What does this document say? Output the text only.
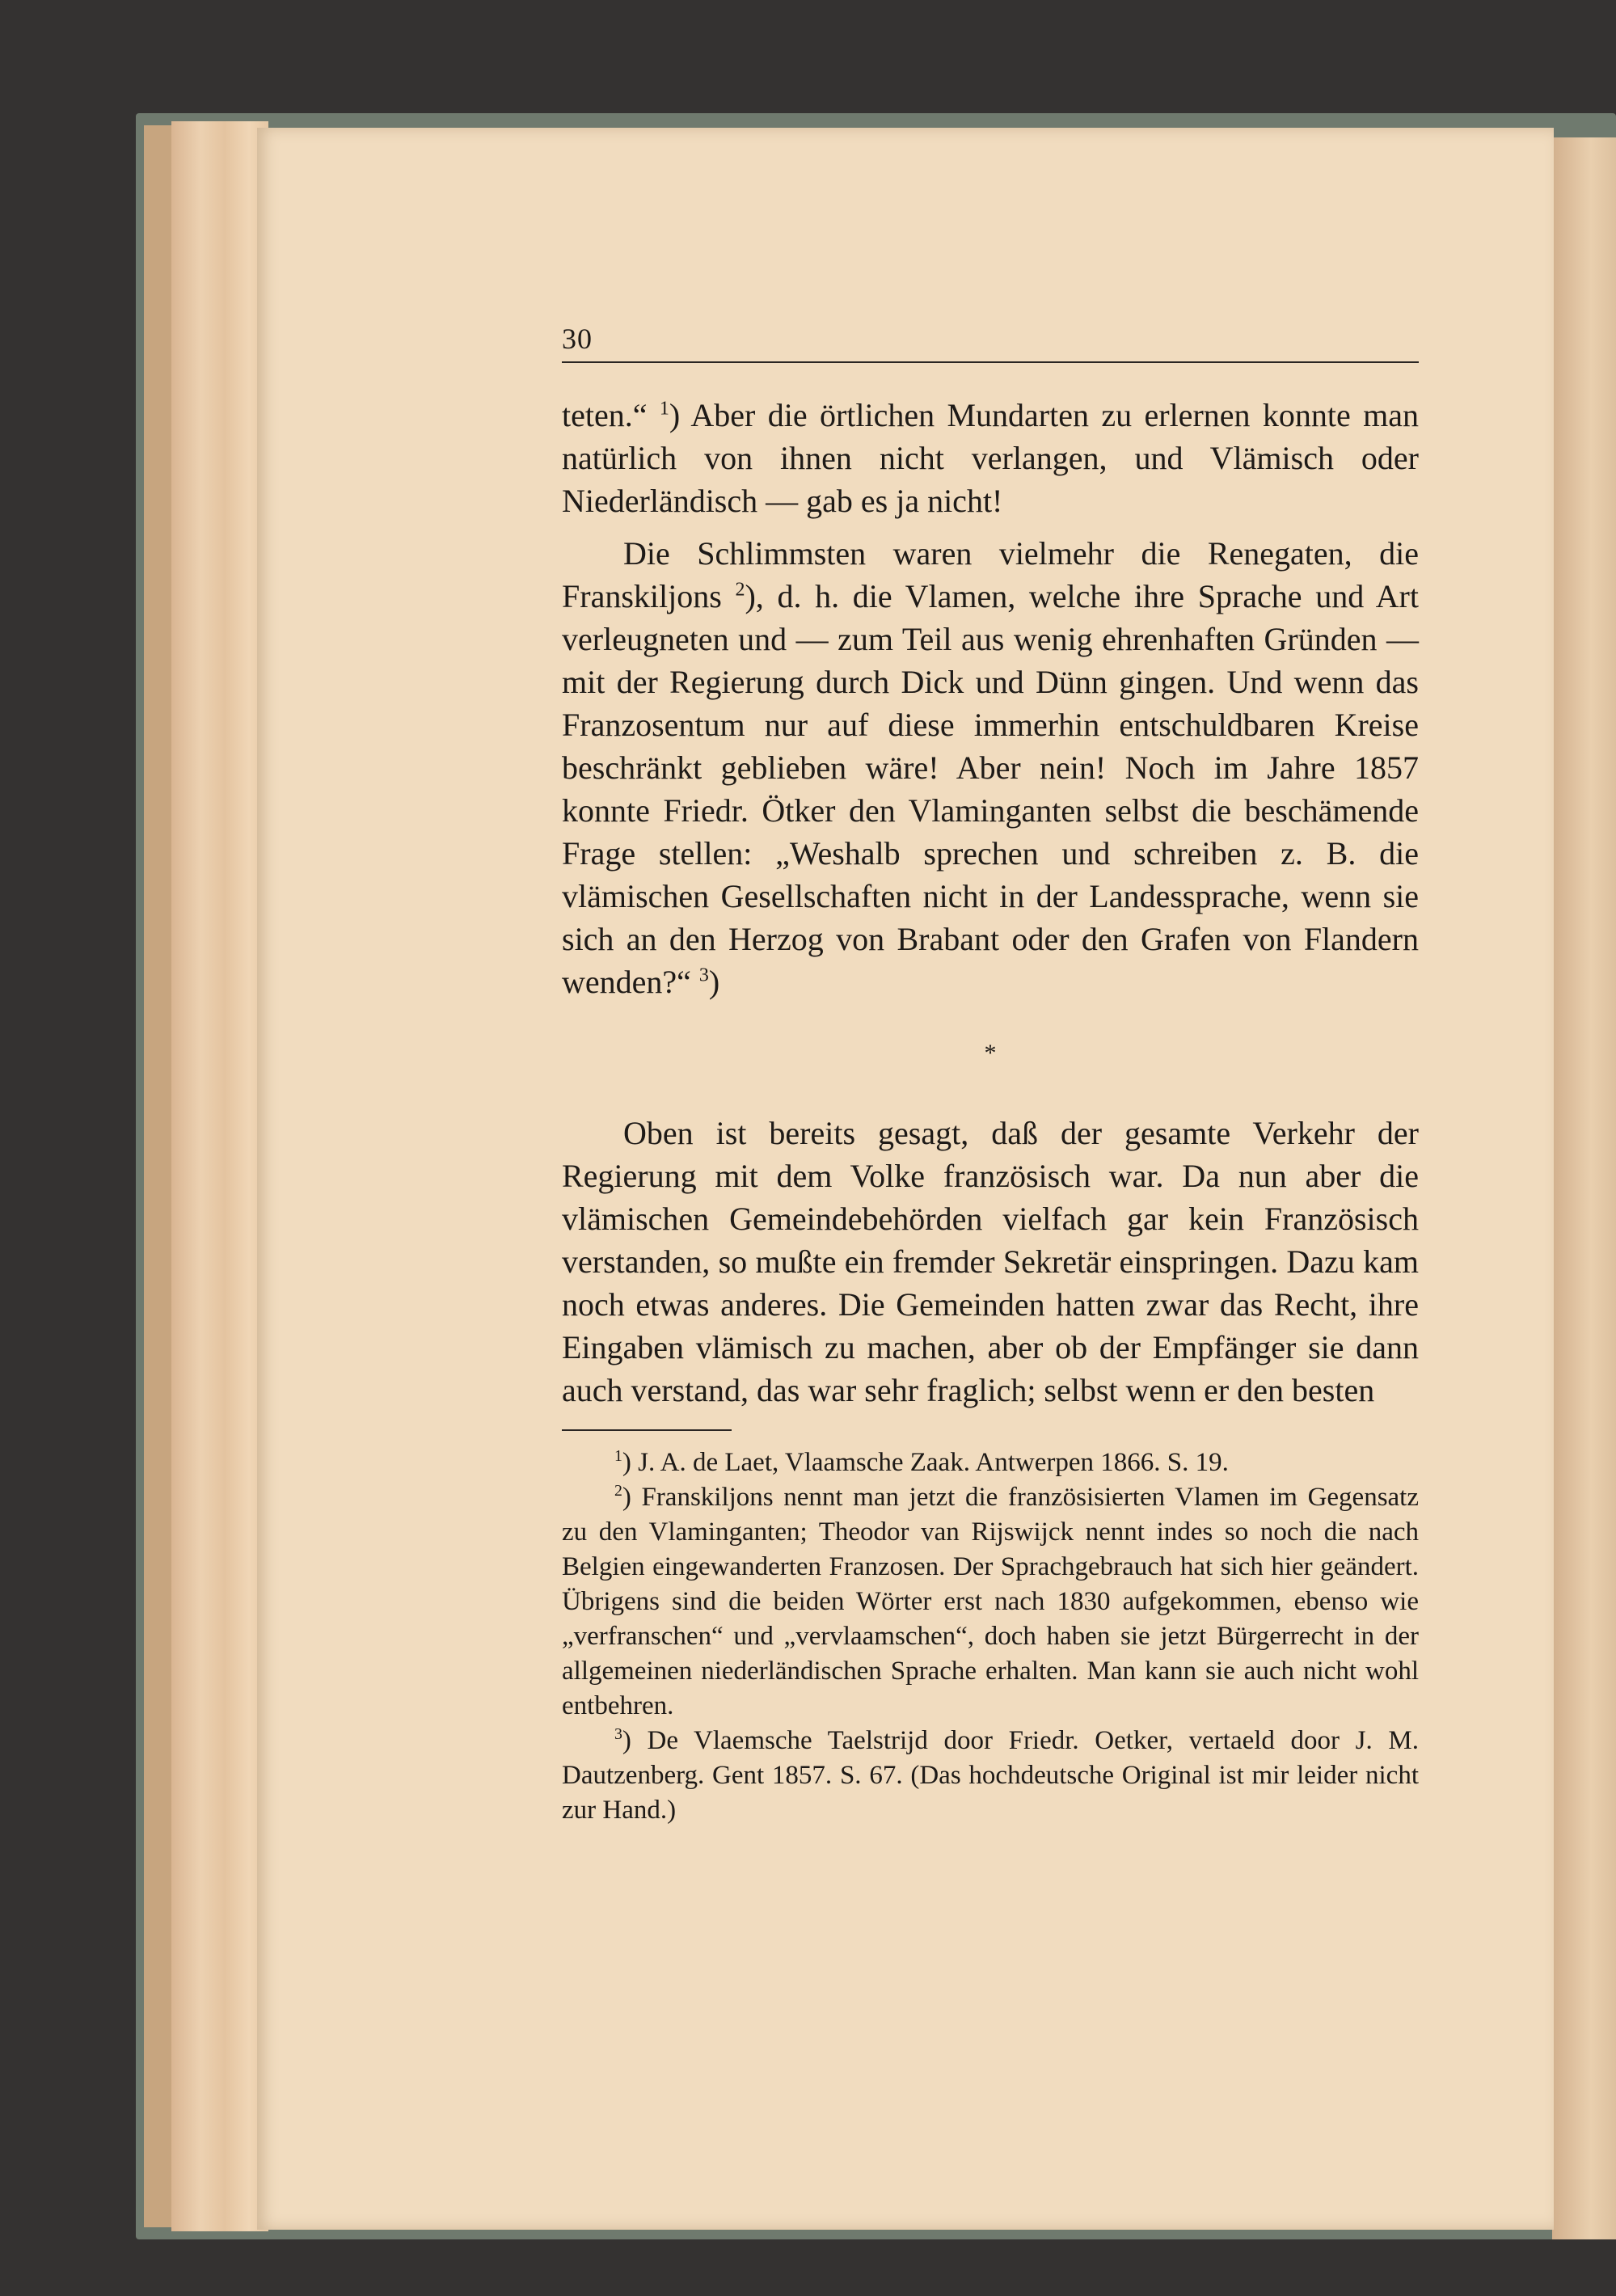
30

teten.“ $^1$) Aber die örtlichen Mundarten zu erlernen konnte man natürlich von ihnen nicht verlangen, und Vlämisch oder Niederländisch — gab es ja nicht!

Die Schlimmsten waren vielmehr die Renegaten, die Franskiljons $^2$), d. h. die Vlamen, welche ihre Sprache und Art verleugneten und — zum Teil aus wenig ehrenhaften Gründen — mit der Regierung durch Dick und Dünn gingen. Und wenn das Franzosentum nur auf diese immerhin entschuldbaren Kreise beschränkt geblieben wäre! Aber nein! Noch im Jahre 1857 konnte Friedr. Ötker den Vlaminganten selbst die beschämende Frage stellen: „Weshalb sprechen und schreiben z. B. die vlämischen Gesellschaften nicht in der Landessprache, wenn sie sich an den Herzog von Brabant oder den Grafen von Flandern wenden?“ $^3$)

*

Oben ist bereits gesagt, daß der gesamte Verkehr der Regierung mit dem Volke französisch war. Da nun aber die vlämischen Gemeindebehörden vielfach gar kein Französisch verstanden, so mußte ein fremder Sekretär einspringen. Dazu kam noch etwas anderes. Die Gemeinden hatten zwar das Recht, ihre Eingaben vlämisch zu machen, aber ob der Empfänger sie dann auch verstand, das war sehr fraglich; selbst wenn er den besten

$^1$) J. A. de Laet, Vlaamsche Zaak. Antwerpen 1866. S. 19.

$^2$) Franskiljons nennt man jetzt die französisierten Vlamen im Gegensatz zu den Vlaminganten; Theodor van Rijswijck nennt indes so noch die nach Belgien eingewanderten Franzosen. Der Sprachgebrauch hat sich hier geändert. Übrigens sind die beiden Wörter erst nach 1830 aufgekommen, ebenso wie „verfranschen“ und „vervlaamschen“, doch haben sie jetzt Bürgerrecht in der allgemeinen niederländischen Sprache erhalten. Man kann sie auch nicht wohl entbehren.

$^3$) De Vlaemsche Taelstrijd door Friedr. Oetker, vertaeld door J. M. Dautzenberg. Gent 1857. S. 67. (Das hochdeutsche Original ist mir leider nicht zur Hand.)
